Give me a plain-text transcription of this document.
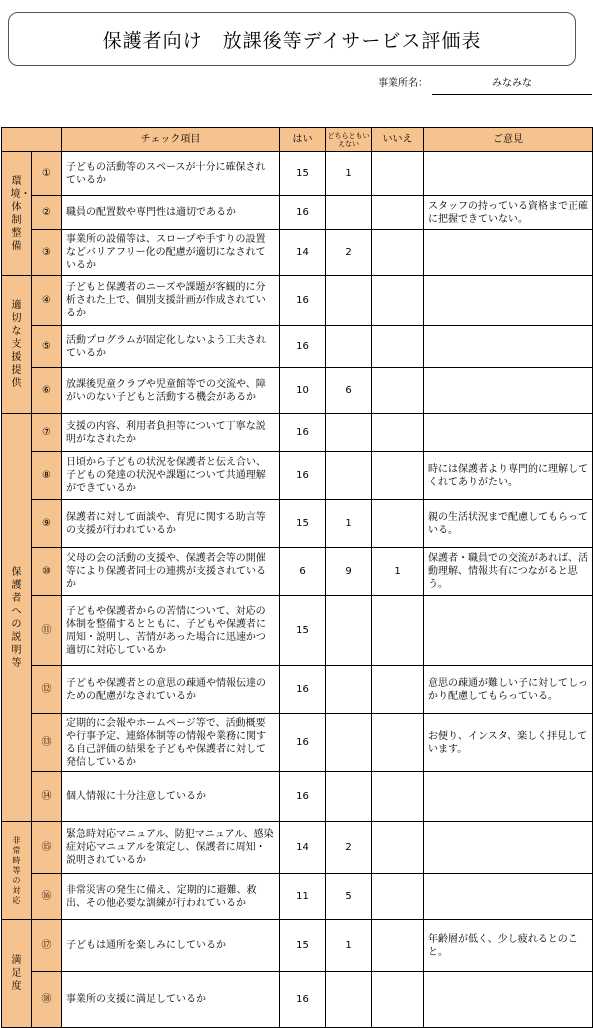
保護者向け　放課後等デイサービス評価表
事業所名：	みなみな
		チェック項目	はい	どちらともいえない	いいえ	ご意見
環境・体制整備	①	子どもの活動等のスペースが十分に確保されているか	15	1		
	②	職員の配置数や専門性は適切であるか	16			スタッフの持っている資格まで正確に把握できていない。
	③	事業所の設備等は、スロープや手すりの設置などバリアフリー化の配慮が適切になされているか	14	2		
適切な支援提供	④	子どもと保護者のニーズや課題が客観的に分析された上で、個別支援計画が作成されているか	16			
	⑤	活動プログラムが固定化しないよう工夫されているか	16			
	⑥	放課後児童クラブや児童館等での交流や、障がいのない子どもと活動する機会があるか	10	6		
保護者への説明等	⑦	支援の内容、利用者負担等について丁寧な説明がなされたか	16			
	⑧	日頃から子どもの状況を保護者と伝え合い、子どもの発達の状況や課題について共通理解ができているか	16			時には保護者より専門的に理解してくれてありがたい。
	⑨	保護者に対して面談や、育児に関する助言等の支援が行われているか	15	1		親の生活状況まで配慮してもらっている。
	⑩	父母の会の活動の支援や、保護者会等の開催等により保護者同士の連携が支援されているか	6	9	1	保護者・職員での交流があれば、活動理解、情報共有につながると思う。
	⑪	子どもや保護者からの苦情について、対応の体制を整備するとともに、子どもや保護者に周知・説明し、苦情があった場合に迅速かつ適切に対応しているか	15			
	⑫	子どもや保護者との意思の疎通や情報伝達のための配慮がなされているか	16			意思の疎通が難しい子に対してしっかり配慮してもらっている。
	⑬	定期的に会報やホームページ等で、活動概要や行事予定、連絡体制等の情報や業務に関する自己評価の結果を子どもや保護者に対して発信しているか	16			お便り、インスタ、楽しく拝見しています。
	⑭	個人情報に十分注意しているか	16			
非常時等の対応	⑮	緊急時対応マニュアル、防犯マニュアル、感染症対応マニュアルを策定し、保護者に周知・説明されているか	14	2		
	⑯	非常災害の発生に備え、定期的に避難、救出、その他必要な訓練が行われているか	11	5		
満足度	⑰	子どもは通所を楽しみにしているか	15	1		年齢層が低く、少し疲れるとのこと。
	⑱	事業所の支援に満足しているか	16			
